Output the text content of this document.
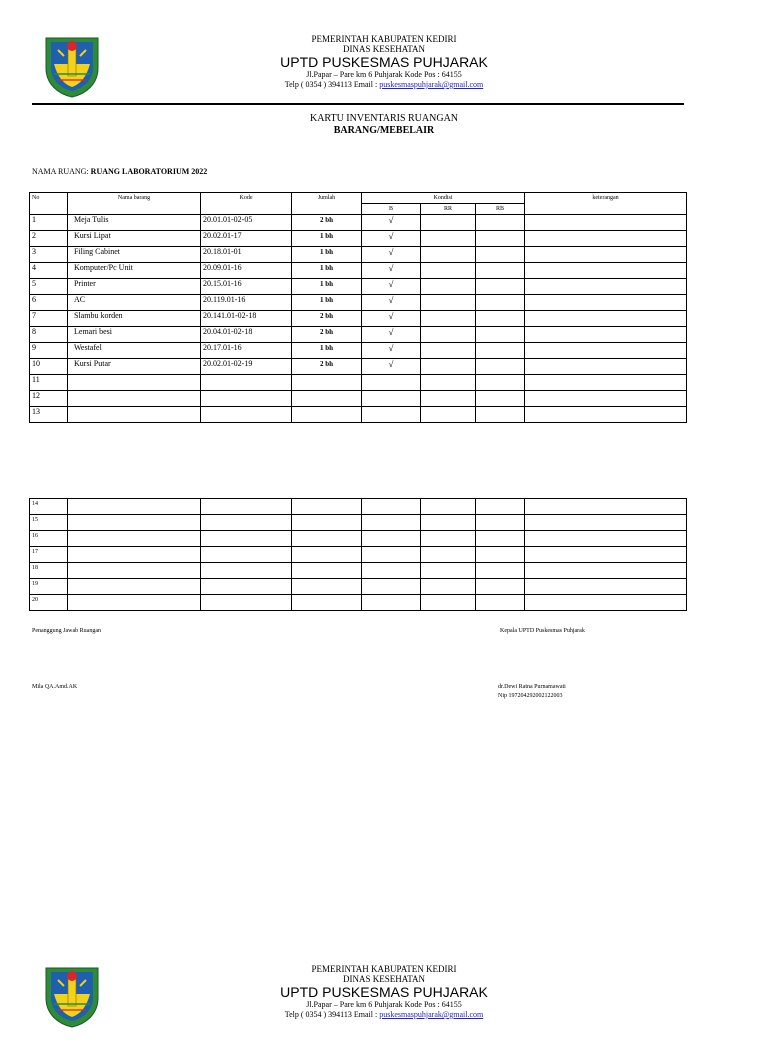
PEMERINTAH KABUPATEN KEDIRI
DINAS KESEHATAN
UPTD PUSKESMAS PUHJARAK
Jl.Papar – Pare km 6 Puhjarak Kode Pos : 64155
Telp ( 0354 ) 394113 Email : puskesmaspuhjarak@gmail.com
KARTU INVENTARIS RUANGAN
BARANG/MEBELAIR
NAMA RUANG: RUANG LABORATORIUM 2022
No	Nama barang	Kode	Jumlah	Kondisi			keterangan
				B	RR	RB	
1	Meja Tulis	20.01.01-02-05	2 bh	√			
2	Kursi Lipat	20.02.01-17	1 bh	√			
3	Filing Cabinet	20.18.01-01	1 bh	√			
4	Komputer/Pc Unit	20.09.01-16	1 bh	√			
5	Printer	20.15.01-16	1 bh	√			
6	AC	20.119.01-16	1 bh	√			
7	Slambu korden	20.141.01-02-18	2 bh	√			
8	Lemari besi	20.04.01-02-18	2 bh	√			
9	Westafel	20.17.01-16	1 bh	√			
10	Kursi Putar	20.02.01-02-19	2 bh	√			
11							
12							
13							
14							
15							
16							
17							
18							
19							
20							
Penanggung Jawab Ruangan
Mila QA.Amd.AK
Kepala UPTD Puskesmas Puhjarak
dr.Dewi Ratna Purnamawati
Nip 197204292002122003
PEMERINTAH KABUPATEN KEDIRI
DINAS KESEHATAN
UPTD PUSKESMAS PUHJARAK
Jl.Papar – Pare km 6 Puhjarak Kode Pos : 64155
Telp ( 0354 ) 394113 Email : puskesmaspuhjarak@gmail.com
